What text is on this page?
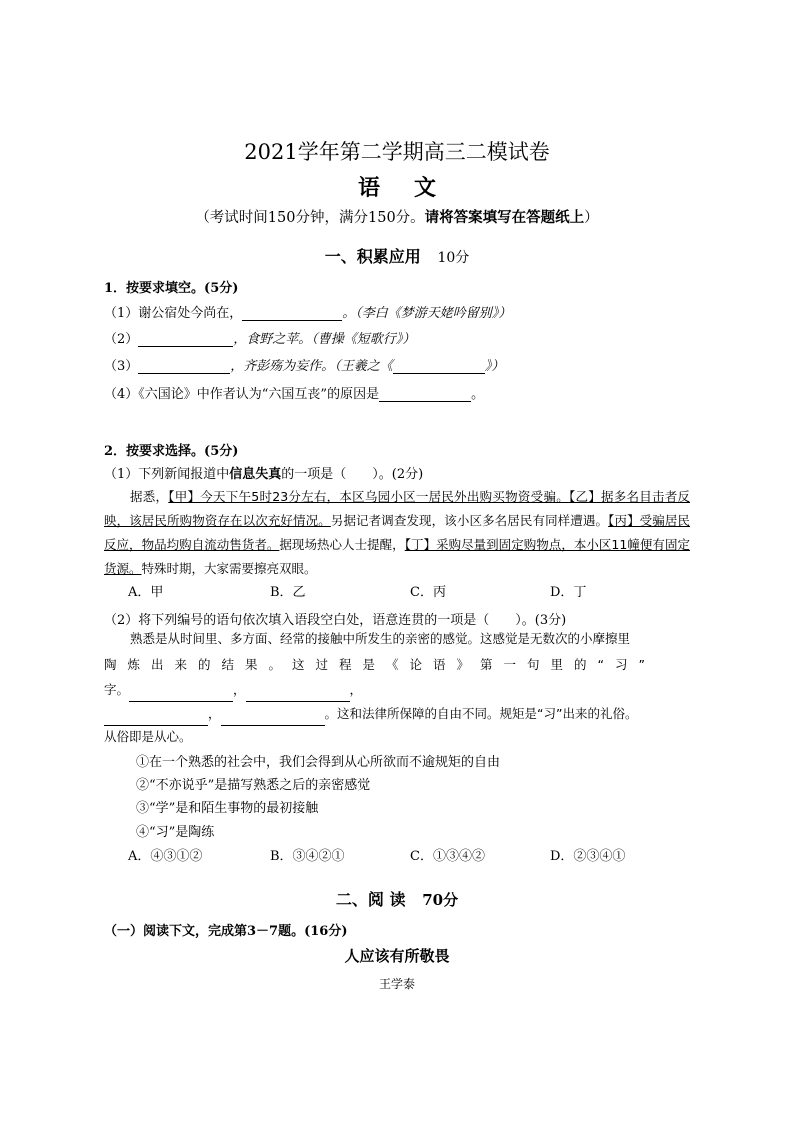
2021学年第二学期高三二模试卷
语文
（考试时间150分钟，满分150分。请将答案填写在答题纸上）
一、积累应用 10分
1．按要求填空。(5分)
（1）谢公宿处今尚在，	。（李白《梦游天姥吟留别》）
（2）	，食野之苹。（曹操《短歌行》）
（3）	，齐彭殇为妄作。（王羲之《	》）
（4）《六国论》中作者认为“六国互丧”的原因是	。
2．按要求选择。(5分)
（1）下列新闻报道中信息失真的一项是（　　）。(2分)
据悉，【甲】今天下午5时23分左右，本区乌园小区一居民外出购买物资受骗。【乙】据多名目击者反映，该居民所购物资存在以次充好情况。另据记者调查发现，该小区多名居民有同样遭遇。【丙】受骗居民反应，物品均购自流动售货者。据现场热心人士提醒，【丁】采购尽量到固定购物点，本小区11幢便有固定货源。特殊时期，大家需要擦亮双眼。
A．甲	B．乙	C．丙	D．丁
（2）将下列编号的语句依次填入语段空白处，语意连贯的一项是（　　）。(3分)
熟悉是从时间里、多方面、经常的接触中所发生的亲密的感觉。这感觉是无数次的小摩擦里
陶炼出来的结果。这过程是《论语》第一句里的“习”
字。	，	，
，	。这和法律所保障的自由不同。规矩是“习”出来的礼俗。
从俗即是从心。
①在一个熟悉的社会中，我们会得到从心所欲而不逾规矩的自由
②“不亦说乎”是描写熟悉之后的亲密感觉
③“学”是和陌生事物的最初接触
④“习”是陶练
A．④③①②	B．③④②①	C．①③④②	D．②③④①
二、阅 读 70分
（一）阅读下文，完成第3－7题。(16分)
人应该有所敬畏
王学泰
